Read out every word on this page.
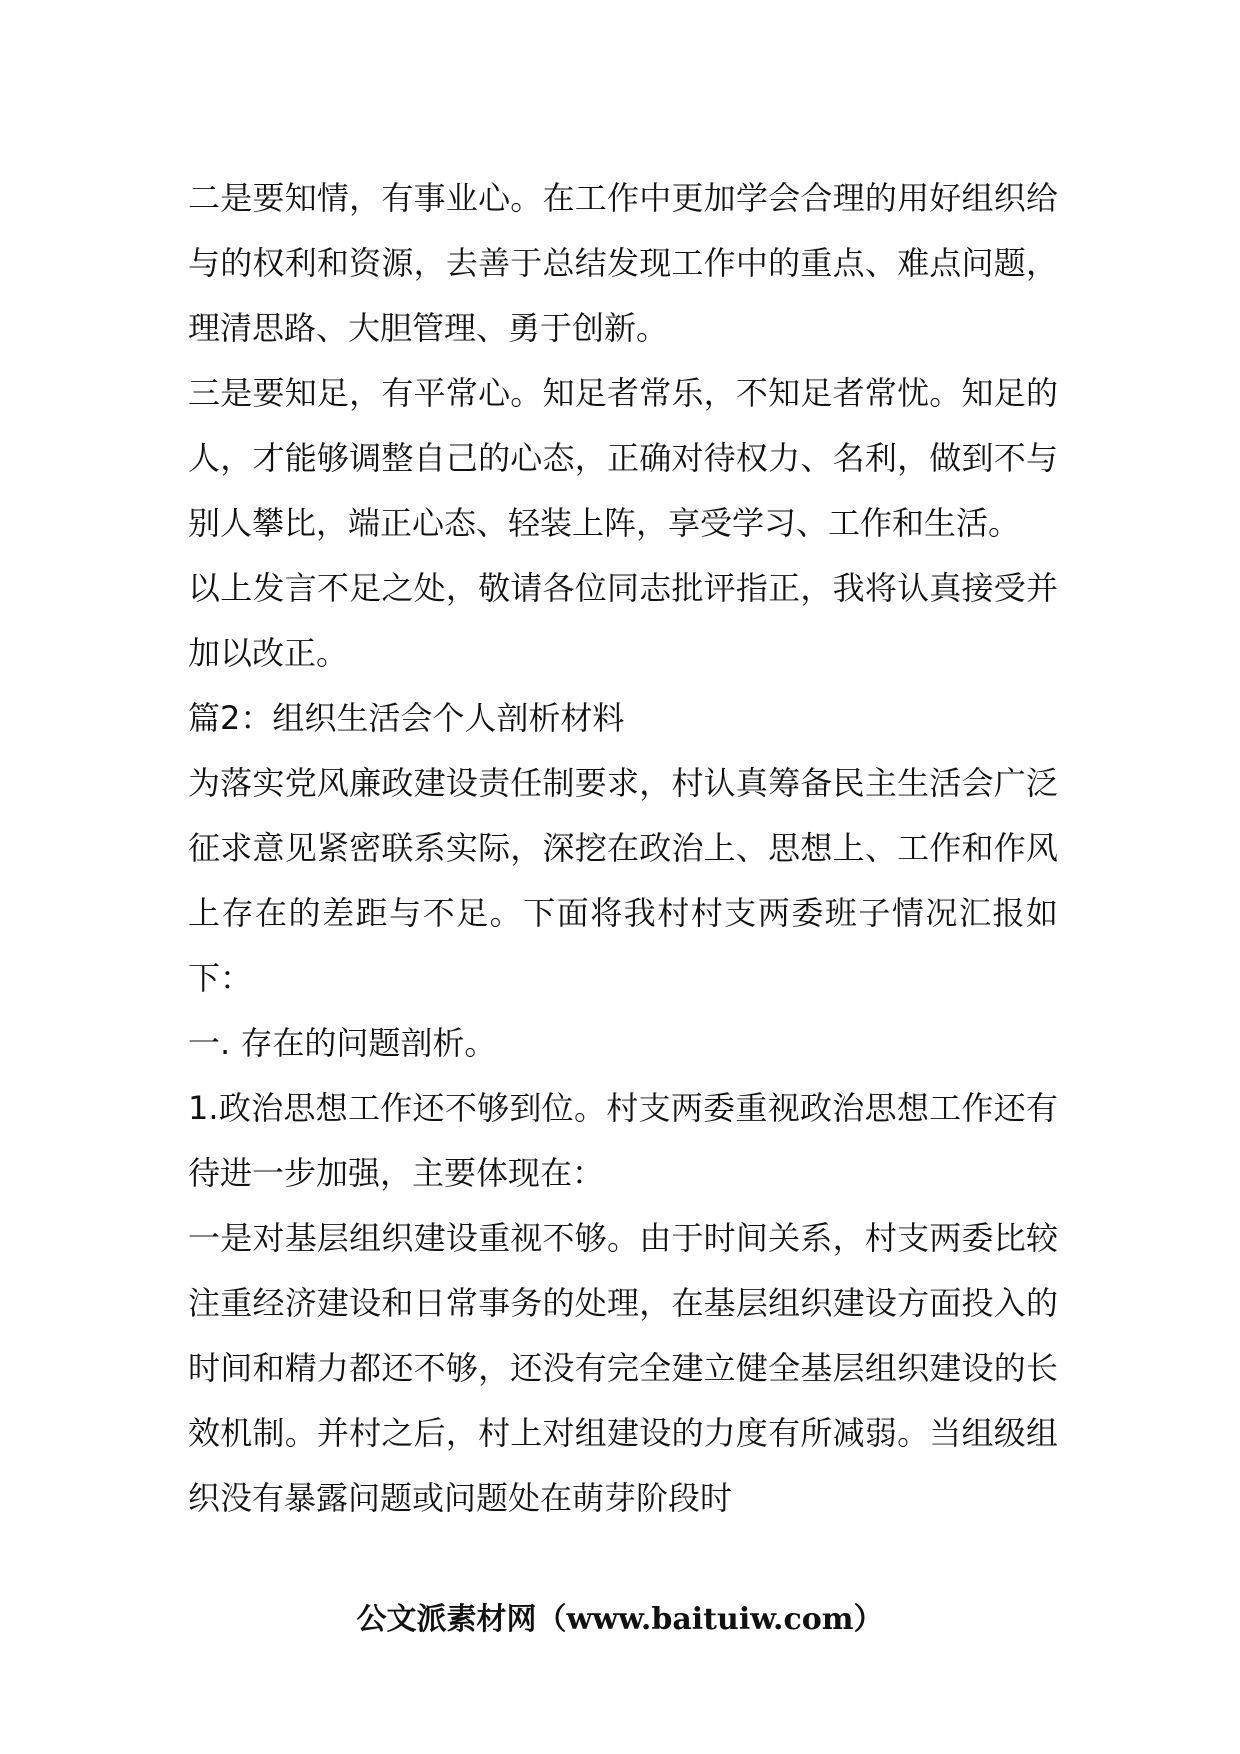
二是要知情，有事业心。在工作中更加学会合理的用好组织给与的权利和资源，去善于总结发现工作中的重点、难点问题，理清思路、大胆管理、勇于创新。

三是要知足，有平常心。知足者常乐，不知足者常忧。知足的人，才能够调整自己的心态，正确对待权力、名利，做到不与别人攀比，端正心态、轻装上阵，享受学习、工作和生活。

以上发言不足之处，敬请各位同志批评指正，我将认真接受并加以改正。

篇2：组织生活会个人剖析材料

为落实党风廉政建设责任制要求，村认真筹备民主生活会广泛征求意见紧密联系实际，深挖在政治上、思想上、工作和作风上存在的差距与不足。下面将我村村支两委班子情况汇报如下：

一. 存在的问题剖析。

1.政治思想工作还不够到位。村支两委重视政治思想工作还有待进一步加强，主要体现在：

一是对基层组织建设重视不够。由于时间关系，村支两委比较注重经济建设和日常事务的处理，在基层组织建设方面投入的时间和精力都还不够，还没有完全建立健全基层组织建设的长效机制。并村之后，村上对组建设的力度有所减弱。当组级组织没有暴露问题或问题处在萌芽阶段时

公文派素材网（www.baituiw.com）
